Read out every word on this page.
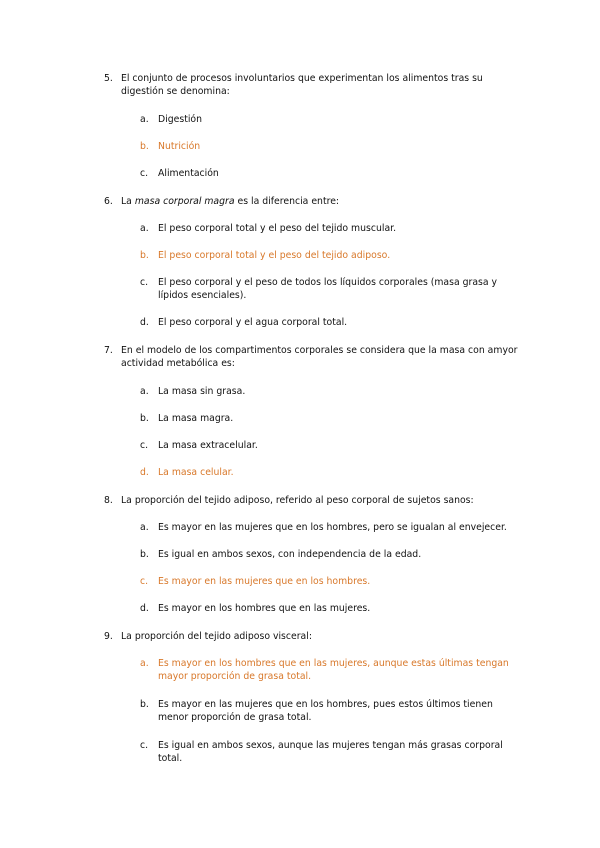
5. El conjunto de procesos involuntarios que experimentan los alimentos tras su digestión se denomina:
a. Digestión
b. Nutrición
c. Alimentación
6. La masa corporal magra es la diferencia entre:
a. El peso corporal total y el peso del tejido muscular.
b. El peso corporal total y el peso del tejido adiposo.
c. El peso corporal y el peso de todos los líquidos corporales (masa grasa y lípidos esenciales).
d. El peso corporal y el agua corporal total.
7. En el modelo de los compartimentos corporales se considera que la masa con amyor actividad metabólica es:
a. La masa sin grasa.
b. La masa magra.
c. La masa extracelular.
d. La masa celular.
8. La proporción del tejido adiposo, referido al peso corporal de sujetos sanos:
a. Es mayor en las mujeres que en los hombres, pero se igualan al envejecer.
b. Es igual en ambos sexos, con independencia de la edad.
c. Es mayor en las mujeres que en los hombres.
d. Es mayor en los hombres que en las mujeres.
9. La proporción del tejido adiposo visceral:
a. Es mayor en los hombres que en las mujeres, aunque estas últimas tengan mayor proporción de grasa total.
b. Es mayor en las mujeres que en los hombres, pues estos últimos tienen menor proporción de grasa total.
c. Es igual en ambos sexos, aunque las mujeres tengan más grasas corporal total.
